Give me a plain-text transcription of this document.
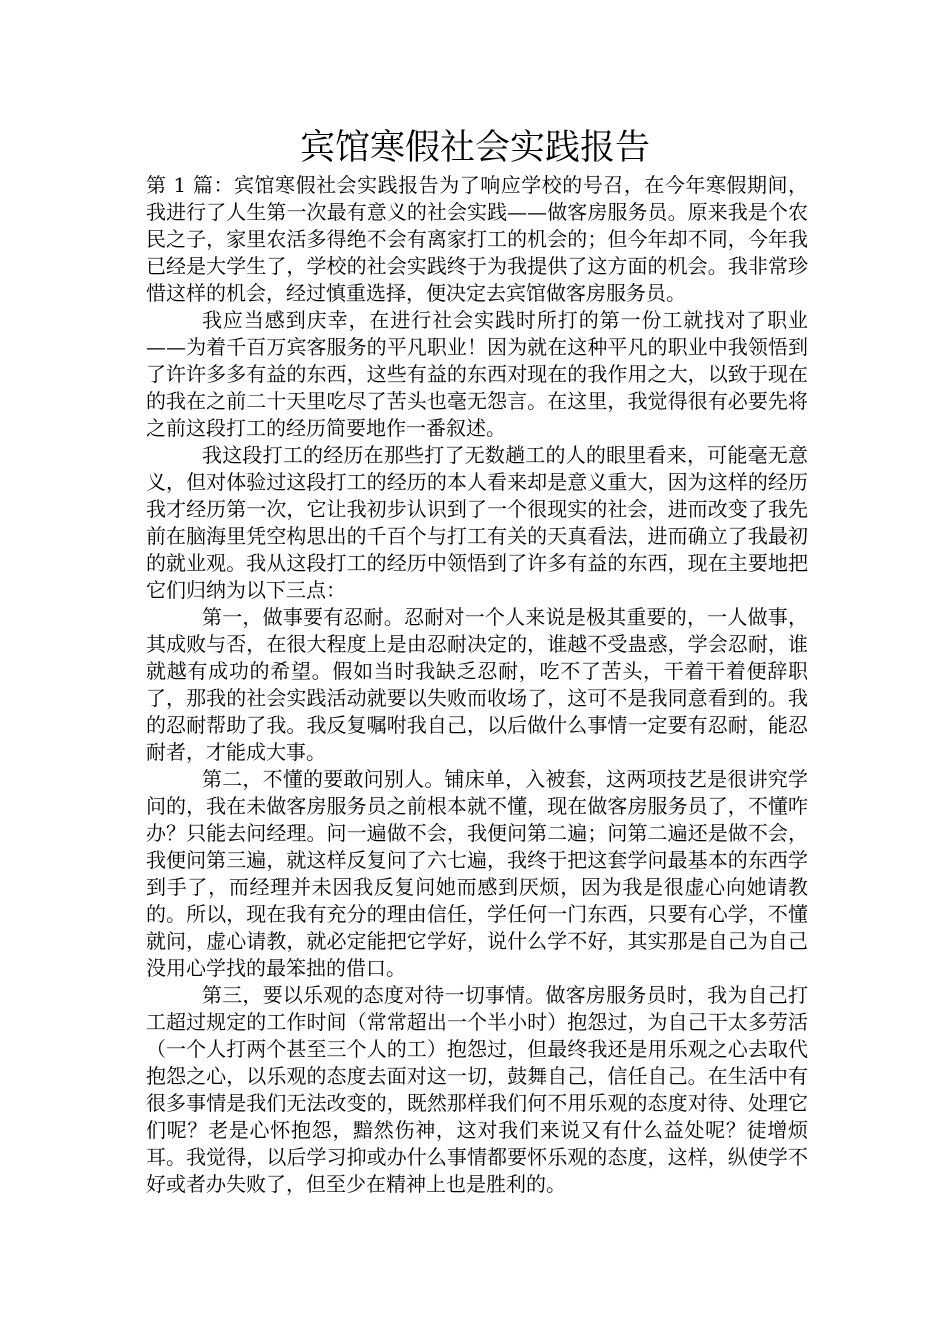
宾馆寒假社会实践报告

第 1 篇：宾馆寒假社会实践报告为了响应学校的号召，在今年寒假期间，我进行了人生第一次最有意义的社会实践——做客房服务员。原来我是个农民之子，家里农活多得绝不会有离家打工的机会的；但今年却不同，今年我已经是大学生了，学校的社会实践终于为我提供了这方面的机会。我非常珍惜这样的机会，经过慎重选择，便决定去宾馆做客房服务员。

我应当感到庆幸，在进行社会实践时所打的第一份工就找对了职业——为着千百万宾客服务的平凡职业！因为就在这种平凡的职业中我领悟到了许许多多有益的东西，这些有益的东西对现在的我作用之大，以致于现在的我在之前二十天里吃尽了苦头也毫无怨言。在这里，我觉得很有必要先将之前这段打工的经历简要地作一番叙述。

我这段打工的经历在那些打了无数趟工的人的眼里看来，可能毫无意义，但对体验过这段打工的经历的本人看来却是意义重大，因为这样的经历我才经历第一次，它让我初步认识到了一个很现实的社会，进而改变了我先前在脑海里凭空构思出的千百个与打工有关的天真看法，进而确立了我最初的就业观。我从这段打工的经历中领悟到了许多有益的东西，现在主要地把它们归纳为以下三点：

第一，做事要有忍耐。忍耐对一个人来说是极其重要的，一人做事，其成败与否，在很大程度上是由忍耐决定的，谁越不受蛊惑，学会忍耐，谁就越有成功的希望。假如当时我缺乏忍耐，吃不了苦头，干着干着便辞职了，那我的社会实践活动就要以失败而收场了，这可不是我同意看到的。我的忍耐帮助了我。我反复嘱咐我自己，以后做什么事情一定要有忍耐，能忍耐者，才能成大事。

第二，不懂的要敢问别人。铺床单，入被套，这两项技艺是很讲究学问的，我在未做客房服务员之前根本就不懂，现在做客房服务员了，不懂咋办？只能去问经理。问一遍做不会，我便问第二遍；问第二遍还是做不会，我便问第三遍，就这样反复问了六七遍，我终于把这套学问最基本的东西学到手了，而经理并未因我反复问她而感到厌烦，因为我是很虚心向她请教的。所以，现在我有充分的理由信任，学任何一门东西，只要有心学，不懂就问，虚心请教，就必定能把它学好，说什么学不好，其实那是自己为自己没用心学找的最笨拙的借口。

第三，要以乐观的态度对待一切事情。做客房服务员时，我为自己打工超过规定的工作时间（常常超出一个半小时）抱怨过，为自己干太多劳活（一个人打两个甚至三个人的工）抱怨过，但最终我还是用乐观之心去取代抱怨之心，以乐观的态度去面对这一切，鼓舞自己，信任自己。在生活中有很多事情是我们无法改变的，既然那样我们何不用乐观的态度对待、处理它们呢？老是心怀抱怨，黯然伤神，这对我们来说又有什么益处呢？徒增烦耳。我觉得，以后学习抑或办什么事情都要怀乐观的态度，这样，纵使学不好或者办失败了，但至少在精神上也是胜利的。
